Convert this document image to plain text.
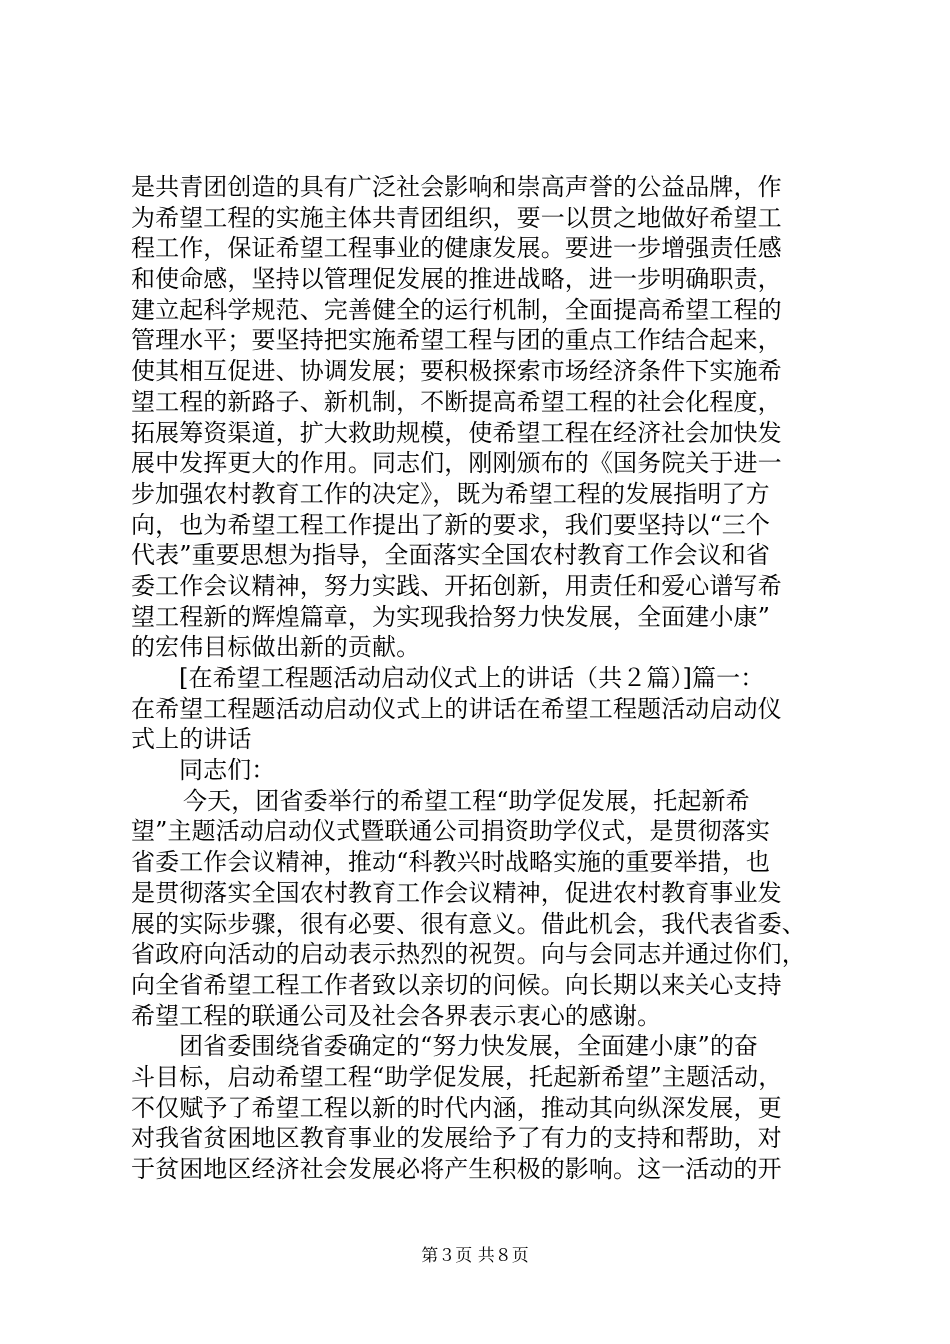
是共青团创造的具有广泛社会影响和崇高声誉的公益品牌，作
为希望工程的实施主体共青团组织，要一以贯之地做好希望工
程工作，保证希望工程事业的健康发展。要进一步增强责任感
和使命感，坚持以管理促发展的推进战略，进一步明确职责，
建立起科学规范、完善健全的运行机制，全面提高希望工程的
管理水平；要坚持把实施希望工程与团的重点工作结合起来，
使其相互促进、协调发展；要积极探索市场经济条件下实施希
望工程的新路子、新机制，不断提高希望工程的社会化程度，
拓展筹资渠道，扩大救助规模，使希望工程在经济社会加快发
展中发挥更大的作用。同志们，刚刚颁布的《国务院关于进一
步加强农村教育工作的决定》，既为希望工程的发展指明了方
向，也为希望工程工作提出了新的要求，我们要坚持以“三个
代表”重要思想为指导，全面落实全国农村教育工作会议和省
委工作会议精神，努力实践、开拓创新，用责任和爱心谱写希
望工程新的辉煌篇章，为实现我拾努力快发展，全面建小康”
的宏伟目标做出新的贡献。
[在希望工程题活动启动仪式上的讲话（共２篇）]篇一：
在希望工程题活动启动仪式上的讲话在希望工程题活动启动仪
式上的讲话
同志们：
今天，团省委举行的希望工程“助学促发展，托起新希
望”主题活动启动仪式暨联通公司捐资助学仪式，是贯彻落实
省委工作会议精神，推动“科教兴时战略实施的重要举措，也
是贯彻落实全国农村教育工作会议精神，促进农村教育事业发
展的实际步骤，很有必要、很有意义。借此机会，我代表省委、
省政府向活动的启动表示热烈的祝贺。向与会同志并通过你们，
向全省希望工程工作者致以亲切的问候。向长期以来关心支持
希望工程的联通公司及社会各界表示衷心的感谢。
团省委围绕省委确定的“努力快发展，全面建小康”的奋
斗目标，启动希望工程“助学促发展，托起新希望”主题活动，
不仅赋予了希望工程以新的时代内涵，推动其向纵深发展，更
对我省贫困地区教育事业的发展给予了有力的支持和帮助，对
于贫困地区经济社会发展必将产生积极的影响。这一活动的开
第３页 共８页
